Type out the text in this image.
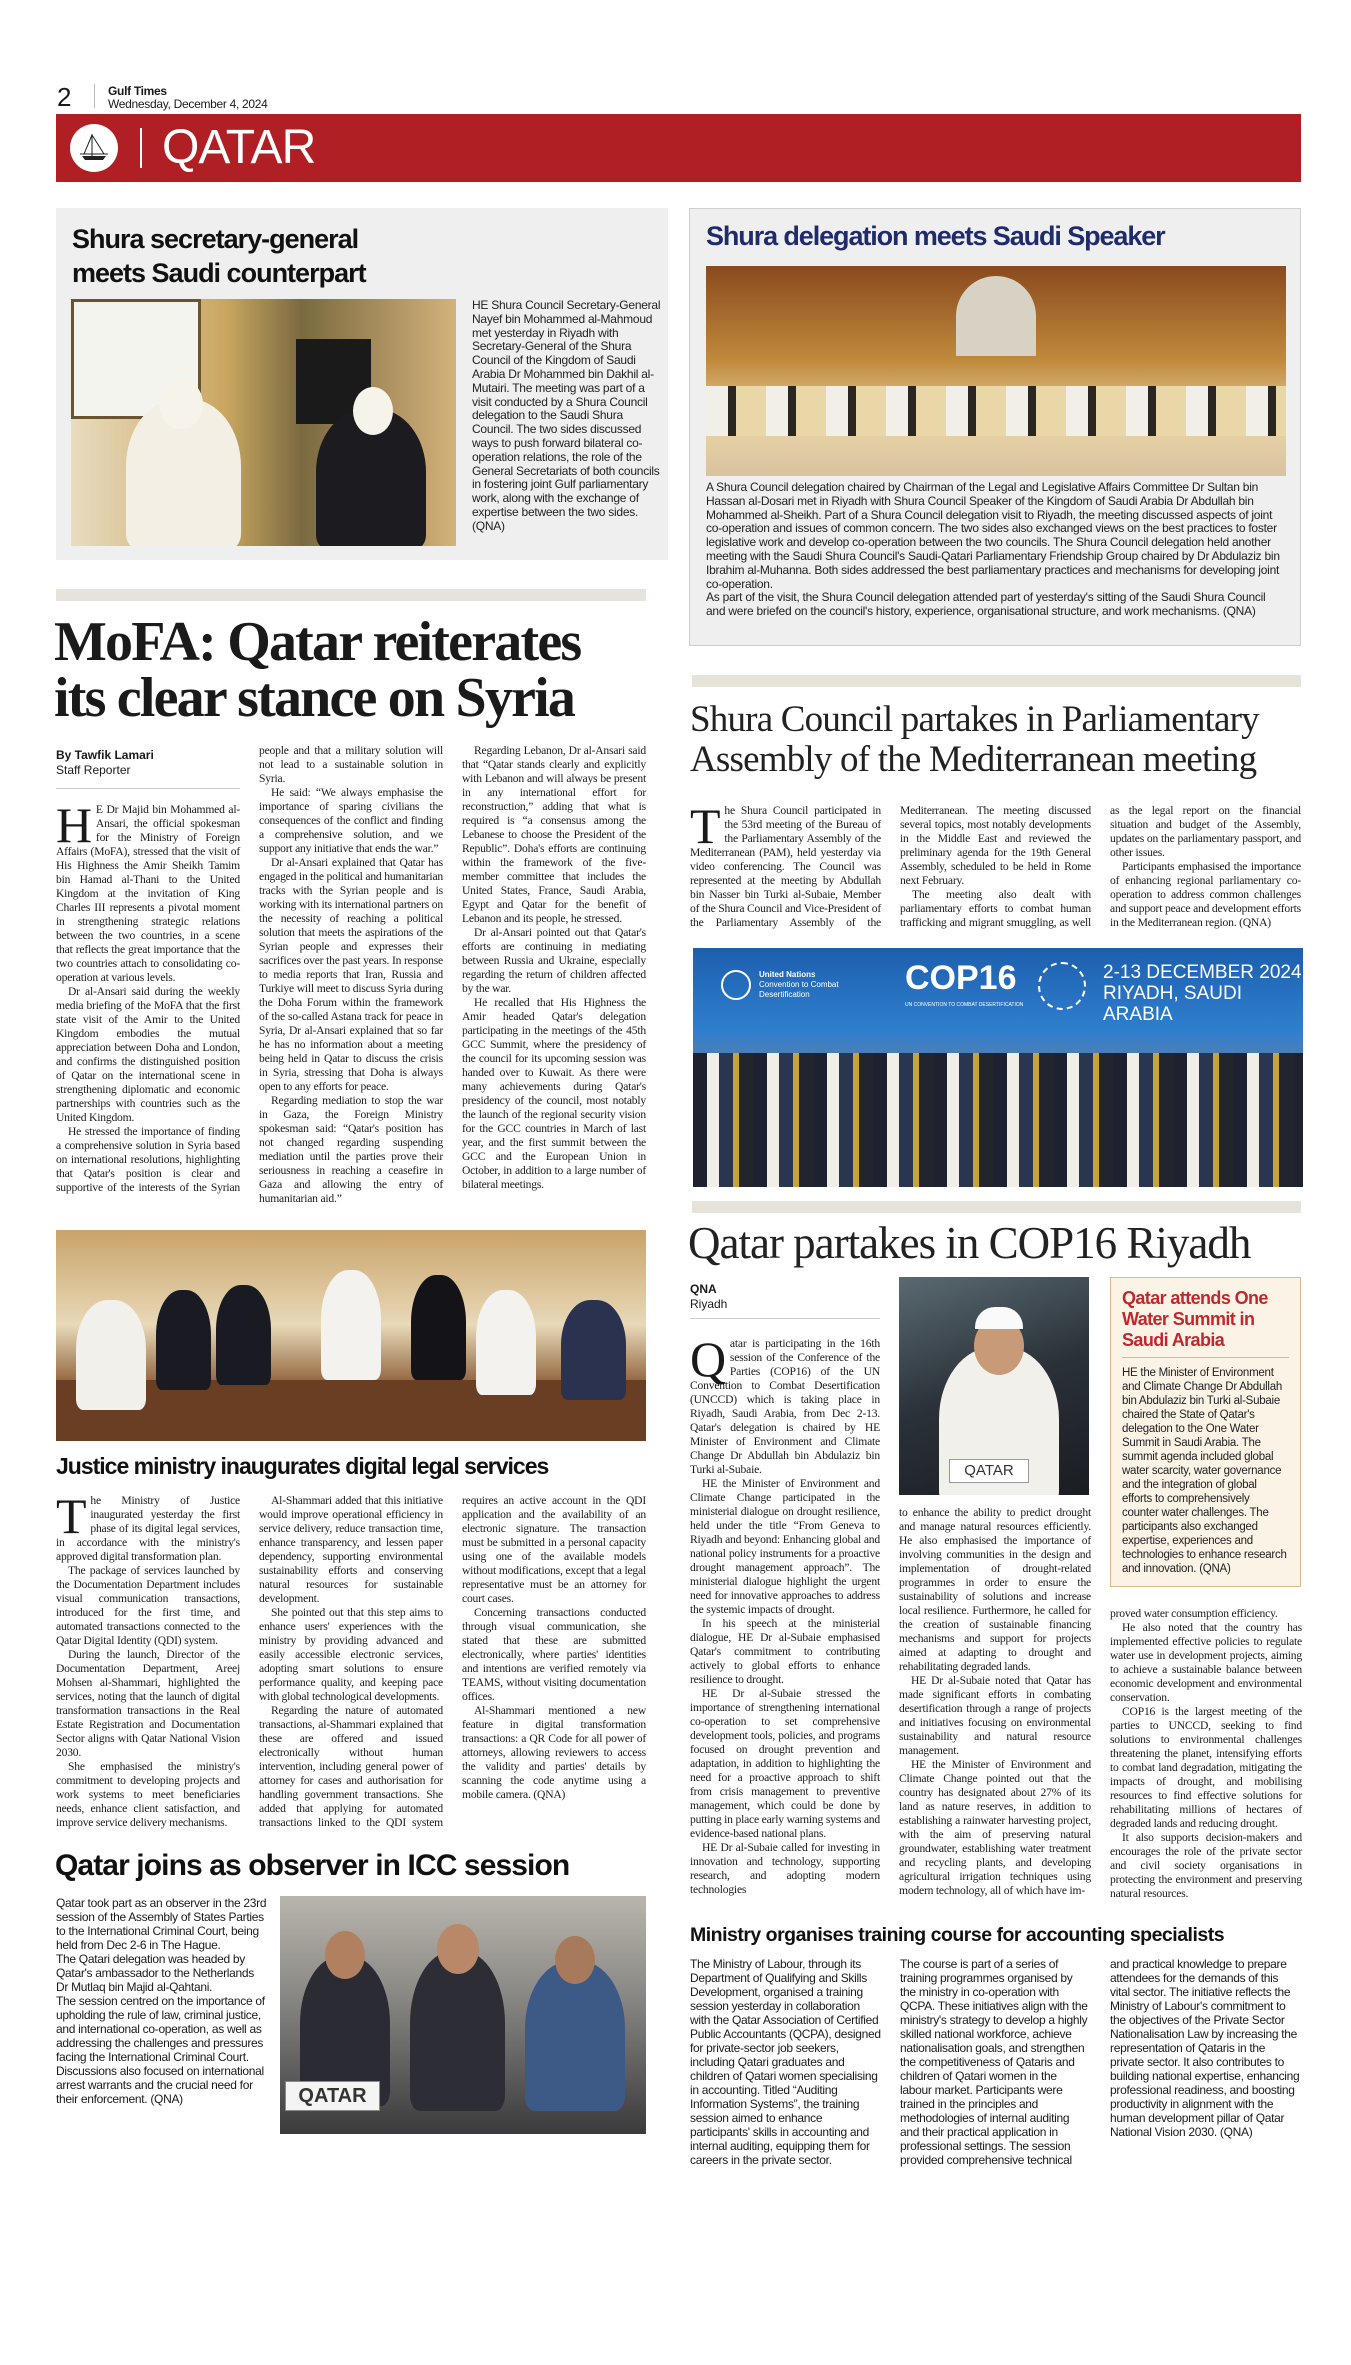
2	Gulf Times
Wednesday, December 4, 2024
QATAR
Shura secretary-general
meets Saudi counterpart
HE Shura Council Secretary-General Nayef bin Mohammed al-Mahmoud met yesterday in Riyadh with Secretary-General of the Shura Council of the Kingdom of Saudi Arabia Dr Mohammed bin Dakhil al-Mutairi. The meeting was part of a visit conducted by a Shura Council delegation to the Saudi Shura Council. The two sides discussed ways to push forward bilateral co-operation relations, the role of the General Secretariats of both councils in fostering joint Gulf parliamentary work, along with the exchange of expertise between the two sides. (QNA)
Shura delegation meets Saudi Speaker
A Shura Council delegation chaired by Chairman of the Legal and Legislative Affairs Committee Dr Sultan bin Hassan al-Dosari met in Riyadh with Shura Council Speaker of the Kingdom of Saudi Arabia Dr Abdullah bin Mohammed al-Sheikh. Part of a Shura Council delegation visit to Riyadh, the meeting discussed aspects of joint co-operation and issues of common concern. The two sides also exchanged views on the best practices to foster legislative work and develop co-operation between the two councils. The Shura Council delegation held another meeting with the Saudi Shura Council's Saudi-Qatari Parliamentary Friendship Group chaired by Dr Abdulaziz bin Ibrahim al-Muhanna. Both sides addressed the best parliamentary practices and mechanisms for developing joint co-operation.
As part of the visit, the Shura Council delegation attended part of yesterday's sitting of the Saudi Shura Council and were briefed on the council's history, experience, organisational structure, and work mechanisms. (QNA)
MoFA: Qatar reiterates
its clear stance on Syria
By Tawfik Lamari
Staff Reporter

HE Dr Majid bin Mohammed al-Ansari, the official spokesman for the Ministry of Foreign Affairs (MoFA), stressed that the visit of His Highness the Amir Sheikh Tamim bin Hamad al-Thani to the United Kingdom at the invitation of King Charles III represents a pivotal moment in strengthening strategic relations between the two countries, in a scene that reflects the great importance that the two countries attach to consolidating co-operation at various levels.

Dr al-Ansari said during the weekly media briefing of the MoFA that the first state visit of the Amir to the United Kingdom embodies the mutual appreciation between Doha and London, and confirms the distinguished position of Qatar on the international scene in strengthening diplomatic and economic partnerships with countries such as the United Kingdom.

He stressed the importance of finding a comprehensive solution in Syria based on international resolutions, highlighting that Qatar's position is clear and supportive of the interests of the Syrian people and that a military solution will not lead to a sustainable solution in Syria.

He said: “We always emphasise the importance of sparing civilians the consequences of the conflict and finding a comprehensive solution, and we support any initiative that ends the war.”

Dr al-Ansari explained that Qatar has engaged in the political and humanitarian tracks with the Syrian people and is working with its international partners on the necessity of reaching a political solution that meets the aspirations of the Syrian people and expresses their sacrifices over the past years. In response to media reports that Iran, Russia and Turkiye will meet to discuss Syria during the Doha Forum within the framework of the so-called Astana track for peace in Syria, Dr al-Ansari explained that so far he has no information about a meeting being held in Qatar to discuss the crisis in Syria, stressing that Doha is always open to any efforts for peace.

Regarding mediation to stop the war in Gaza, the Foreign Ministry spokesman said: “Qatar's position has not changed regarding suspending mediation until the parties prove their seriousness in reaching a ceasefire in Gaza and allowing the entry of humanitarian aid.”

Regarding Lebanon, Dr al-Ansari said that “Qatar stands clearly and explicitly with Lebanon and will always be present in any international effort for reconstruction,” adding that what is required is “a consensus among the Lebanese to choose the President of the Republic”. Doha's efforts are continuing within the framework of the five-member committee that includes the United States, France, Saudi Arabia, Egypt and Qatar for the benefit of Lebanon and its people, he stressed.

Dr al-Ansari pointed out that Qatar's efforts are continuing in mediating between Russia and Ukraine, especially regarding the return of children affected by the war.

He recalled that His Highness the Amir headed Qatar's delegation participating in the meetings of the 45th GCC Summit, where the presidency of the council for its upcoming session was handed over to Kuwait. As there were many achievements during Qatar's presidency of the council, most notably the launch of the regional security vision for the GCC countries in March of last year, and the first summit between the GCC and the European Union in October, in addition to a large number of bilateral meetings.

Justice ministry inaugurates digital legal services

The Ministry of Justice inaugurated yesterday the first phase of its digital legal services, in accordance with the ministry's approved digital transformation plan.

The package of services launched by the Documentation Department includes visual communication transactions, introduced for the first time, and automated transactions connected to the Qatar Digital Identity (QDI) system.

During the launch, Director of the Documentation Department, Areej Mohsen al-Shammari, highlighted the services, noting that the launch of digital transformation transactions in the Real Estate Registration and Documentation Sector aligns with Qatar National Vision 2030.

She emphasised the ministry's commitment to developing projects and work systems to meet beneficiaries needs, enhance client satisfaction, and improve service delivery mechanisms.

Al-Shammari added that this initiative would improve operational efficiency in service delivery, reduce transaction time, enhance transparency, and lessen paper dependency, supporting environmental sustainability efforts and conserving natural resources for sustainable development.

She pointed out that this step aims to enhance users' experiences with the ministry by providing advanced and easily accessible electronic services, adopting smart solutions to ensure performance quality, and keeping pace with global technological developments.

Regarding the nature of automated transactions, al-Shammari explained that these are offered and issued electronically without human intervention, including general power of attorney for cases and authorisation for handling government transactions. She added that applying for automated transactions linked to the QDI system requires an active account in the QDI application and the availability of an electronic signature. The transaction must be submitted in a personal capacity using one of the available models without modifications, except that a legal representative must be an attorney for court cases.

Concerning transactions conducted through visual communication, she stated that these are submitted electronically, where parties' identities and intentions are verified remotely via TEAMS, without visiting documentation offices.

Al-Shammari mentioned a new feature in digital transformation transactions: a QR Code for all power of attorneys, allowing reviewers to access the validity and parties' details by scanning the code anytime using a mobile camera. (QNA)

Qatar joins as observer in ICC session

Qatar took part as an observer in the 23rd session of the Assembly of States Parties to the International Criminal Court, being held from Dec 2-6 in The Hague.

The Qatari delegation was headed by Qatar's ambassador to the Netherlands Dr Mutlaq bin Majid al-Qahtani.

The session centred on the importance of upholding the rule of law, criminal justice, and international co-operation, as well as addressing the challenges and pressures facing the International Criminal Court. Discussions also focused on international arrest warrants and the crucial need for their enforcement. (QNA)	QATAR
Shura Council partakes in Parliamentary
Assembly of the Mediterranean meeting

The Shura Council participated in the 53rd meeting of the Bureau of the Parliamentary Assembly of the Mediterranean (PAM), held yesterday via video conferencing. The Council was represented at the meeting by Abdullah bin Nasser bin Turki al-Subaie, Member of the Shura Council and Vice-President of the Parliamentary Assembly of the Mediterranean. The meeting discussed several topics, most notably developments in the Middle East and reviewed the preliminary agenda for the 19th General Assembly, scheduled to be held in Rome next February.

The meeting also dealt with parliamentary efforts to combat human trafficking and migrant smuggling, as well as the legal report on the financial situation and budget of the Assembly, updates on the parliamentary passport, and other issues.

Participants emphasised the importance of enhancing regional parliamentary co-operation to address common challenges and support peace and development efforts in the Mediterranean region. (QNA)

United Nations
Convention to Combat Desertification	COP16
UN CONVENTION TO COMBAT DESERTIFICATION
2-13 DECEMBER 2024
RIYADH, SAUDI ARABIA
Qatar partakes in COP16 Riyadh
QNA
Riyadh

Qatar is participating in the 16th session of the Conference of the Parties (COP16) of the UN Convention to Combat Desertification (UNCCD) which is taking place in Riyadh, Saudi Arabia, from Dec 2-13. Qatar's delegation is chaired by HE Minister of Environment and Climate Change Dr Abdullah bin Abdulaziz bin Turki al-Subaie.

HE the Minister of Environment and Climate Change participated in the ministerial dialogue on drought resilience, held under the title “From Geneva to Riyadh and beyond: Enhancing global and national policy instruments for a proactive drought management approach”. The ministerial dialogue highlight the urgent need for innovative approaches to address the systemic impacts of drought.

In his speech at the ministerial dialogue, HE Dr al-Subaie emphasised Qatar's commitment to contributing actively to global efforts to enhance resilience to drought.

HE Dr al-Subaie stressed the importance of strengthening international co-operation to set comprehensive development tools, policies, and programs focused on drought prevention and adaptation, in addition to highlighting the need for a proactive approach to shift from crisis management to preventive management, which could be done by putting in place early warning systems and evidence-based national plans.

HE Dr al-Subaie called for investing in innovation and technology, supporting research, and adopting modern technologies

QATAR

to enhance the ability to predict drought and manage natural resources efficiently. He also emphasised the importance of involving communities in the design and implementation of drought-related programmes in order to ensure the sustainability of solutions and increase local resilience. Furthermore, he called for the creation of sustainable financing mechanisms and support for projects aimed at adapting to drought and rehabilitating degraded lands.

HE Dr al-Subaie noted that Qatar has made significant efforts in combating desertification through a range of projects and initiatives focusing on environmental sustainability and natural resource management.

HE the Minister of Environment and Climate Change pointed out that the country has designated about 27% of its land as nature reserves, in addition to establishing a rainwater harvesting project, with the aim of preserving natural groundwater, establishing water treatment and recycling plants, and developing agricultural irrigation techniques using modern technology, all of which have im-

Qatar attends One Water Summit in Saudi Arabia
HE the Minister of Environment and Climate Change Dr Abdullah bin Abdulaziz bin Turki al-Subaie chaired the State of Qatar's delegation to the One Water Summit in Saudi Arabia. The summit agenda included global water scarcity, water governance and the integration of global efforts to comprehensively counter water challenges. The participants also exchanged expertise, experiences and technologies to enhance research and innovation. (QNA)

proved water consumption efficiency.

He also noted that the country has implemented effective policies to regulate water use in development projects, aiming to achieve a sustainable balance between economic development and environmental conservation.

COP16 is the largest meeting of the parties to UNCCD, seeking to find solutions to environmental challenges threatening the planet, intensifying efforts to combat land degradation, mitigating the impacts of drought, and mobilising resources to find effective solutions for rehabilitating millions of hectares of degraded lands and reducing drought.

It also supports decision-makers and encourages the role of the private sector and civil society organisations in protecting the environment and preserving natural resources.

Ministry organises training course for accounting specialists

The Ministry of Labour, through its Department of Qualifying and Skills Development, organised a training session yesterday in collaboration with the Qatar Association of Certified Public Accountants (QCPA), designed for private-sector job seekers, including Qatari graduates and children of Qatari women specialising in accounting. Titled “Auditing Information Systems”, the training session aimed to enhance participants' skills in accounting and internal auditing, equipping them for careers in the private sector.

The course is part of a series of training programmes organised by the ministry in co-operation with QCPA. These initiatives align with the ministry's strategy to develop a highly skilled national workforce, achieve nationalisation goals, and strengthen the competitiveness of Qataris and children of Qatari women in the labour market. Participants were trained in the principles and methodologies of internal auditing and their practical application in professional settings. The session provided comprehensive technical and practical knowledge to prepare attendees for the demands of this vital sector. The initiative reflects the Ministry of Labour's commitment to the objectives of the Private Sector Nationalisation Law by increasing the representation of Qataris in the private sector. It also contributes to building national expertise, enhancing professional readiness, and boosting productivity in alignment with the human development pillar of Qatar National Vision 2030. (QNA)
